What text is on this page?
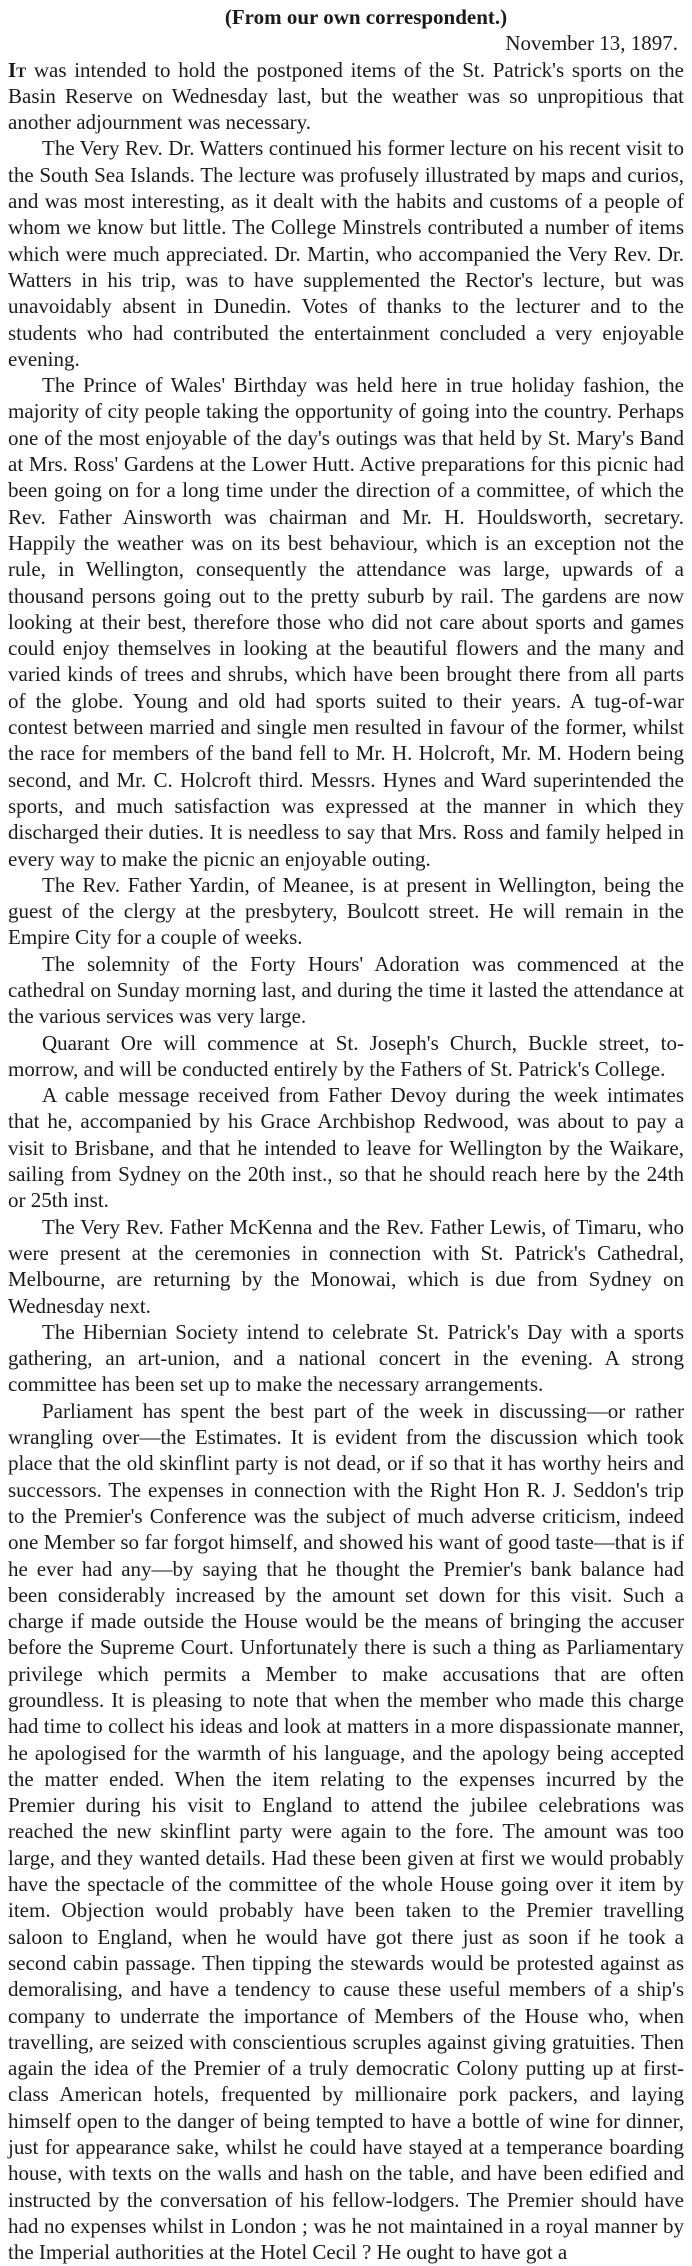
(From our own correspondent.)

November 13, 1897.

It was intended to hold the postponed items of the St. Patrick's sports on the Basin Reserve on Wednesday last, but the weather was so unpropitious that another adjournment was necessary.

The Very Rev. Dr. Watters continued his former lecture on his recent visit to the South Sea Islands. The lecture was profusely illustrated by maps and curios, and was most interesting, as it dealt with the habits and customs of a people of whom we know but little. The College Minstrels contributed a number of items which were much appreciated. Dr. Martin, who accompanied the Very Rev. Dr. Watters in his trip, was to have supplemented the Rector's lecture, but was unavoidably absent in Dunedin. Votes of thanks to the lecturer and to the students who had contributed the entertainment concluded a very enjoyable evening.

The Prince of Wales' Birthday was held here in true holiday fashion, the majority of city people taking the opportunity of going into the country. Perhaps one of the most enjoyable of the day's outings was that held by St. Mary's Band at Mrs. Ross' Gardens at the Lower Hutt. Active preparations for this picnic had been going on for a long time under the direction of a committee, of which the Rev. Father Ainsworth was chairman and Mr. H. Houldsworth, secretary. Happily the weather was on its best behaviour, which is an exception not the rule, in Wellington, consequently the attendance was large, upwards of a thousand persons going out to the pretty suburb by rail. The gardens are now looking at their best, therefore those who did not care about sports and games could enjoy themselves in looking at the beautiful flowers and the many and varied kinds of trees and shrubs, which have been brought there from all parts of the globe. Young and old had sports suited to their years. A tug-of-war contest between married and single men resulted in favour of the former, whilst the race for members of the band fell to Mr. H. Holcroft, Mr. M. Hodern being second, and Mr. C. Holcroft third. Messrs. Hynes and Ward superintended the sports, and much satisfaction was expressed at the manner in which they discharged their duties. It is needless to say that Mrs. Ross and family helped in every way to make the picnic an enjoyable outing.

The Rev. Father Yardin, of Meanee, is at present in Wellington, being the guest of the clergy at the presbytery, Boulcott street. He will remain in the Empire City for a couple of weeks.

The solemnity of the Forty Hours' Adoration was commenced at the cathedral on Sunday morning last, and during the time it lasted the attendance at the various services was very large.

Quarant Ore will commence at St. Joseph's Church, Buckle street, to-morrow, and will be conducted entirely by the Fathers of St. Patrick's College.

A cable message received from Father Devoy during the week intimates that he, accompanied by his Grace Archbishop Redwood, was about to pay a visit to Brisbane, and that he intended to leave for Wellington by the Waikare, sailing from Sydney on the 20th inst., so that he should reach here by the 24th or 25th inst.

The Very Rev. Father McKenna and the Rev. Father Lewis, of Timaru, who were present at the ceremonies in connection with St. Patrick's Cathedral, Melbourne, are returning by the Monowai, which is due from Sydney on Wednesday next.

The Hibernian Society intend to celebrate St. Patrick's Day with a sports gathering, an art-union, and a national concert in the evening. A strong committee has been set up to make the necessary arrangements.

Parliament has spent the best part of the week in discussing—or rather wrangling over—the Estimates. It is evident from the discussion which took place that the old skinflint party is not dead, or if so that it has worthy heirs and successors. The expenses in connection with the Right Hon R. J. Seddon's trip to the Premier's Conference was the subject of much adverse criticism, indeed one Member so far forgot himself, and showed his want of good taste—that is if he ever had any—by saying that he thought the Premier's bank balance had been considerably increased by the amount set down for this visit. Such a charge if made outside the House would be the means of bringing the accuser before the Supreme Court. Unfortunately there is such a thing as Parliamentary privilege which permits a Member to make accusations that are often groundless. It is pleasing to note that when the member who made this charge had time to collect his ideas and look at matters in a more dispassionate manner, he apologised for the warmth of his language, and the apology being accepted the matter ended. When the item relating to the expenses incurred by the Premier during his visit to England to attend the jubilee celebrations was reached the new skinflint party were again to the fore. The amount was too large, and they wanted details. Had these been given at first we would probably have the spectacle of the committee of the whole House going over it item by item. Objection would probably have been taken to the Premier travelling saloon to England, when he would have got there just as soon if he took a second cabin passage. Then tipping the stewards would be protested against as demoralising, and have a tendency to cause these useful members of a ship's company to underrate the importance of Members of the House who, when travelling, are seized with conscientious scruples against giving gratuities. Then again the idea of the Premier of a truly democratic Colony putting up at first-class American hotels, frequented by millionaire pork packers, and laying himself open to the danger of being tempted to have a bottle of wine for dinner, just for appearance sake, whilst he could have stayed at a temperance boarding house, with texts on the walls and hash on the table, and have been edified and instructed by the conversation of his fellow-lodgers. The Premier should have had no expenses whilst in London ; was he not maintained in a royal manner by the Imperial authorities at the Hotel Cecil ? He ought to have got a
